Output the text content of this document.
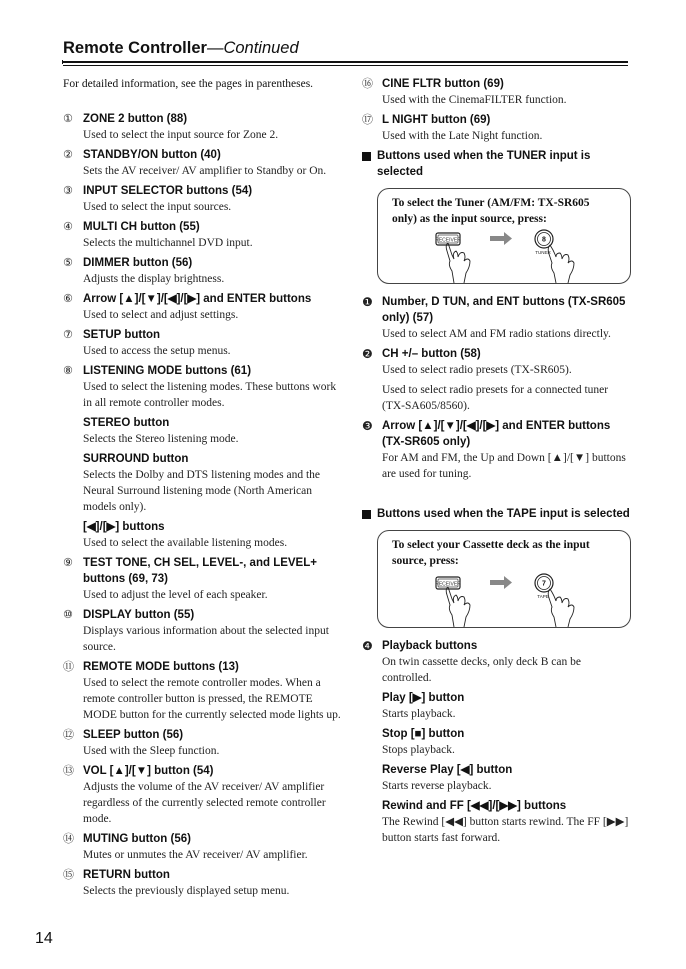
Remote Controller—Continued

For detailed information, see the pages in parentheses.

① ZONE 2 button (88)

Used to select the input source for Zone 2.

② STANDBY/ON button (40)

Sets the AV receiver/ AV amplifier to Standby or On.

③ INPUT SELECTOR buttons (54)

Used to select the input sources.

④ MULTI CH button (55)

Selects the multichannel DVD input.

⑤ DIMMER button (56)

Adjusts the display brightness.

⑥ Arrow [▲]/[▼]/[◀]/[▶] and ENTER buttons

Used to select and adjust settings.

⑦ SETUP button

Used to access the setup menus.

⑧ LISTENING MODE buttons (61)

Used to select the listening modes. These buttons work in all remote controller modes.

STEREO button

Selects the Stereo listening mode.

SURROUND button

Selects the Dolby and DTS listening modes and the Neural Surround listening mode (North American models only).

[◀]/[▶] buttons

Used to select the available listening modes.

⑨ TEST TONE, CH SEL, LEVEL-, and LEVEL+ buttons (69, 73)

Used to adjust the level of each speaker.

⑩ DISPLAY button (55)

Displays various information about the selected input source.

⑪ REMOTE MODE buttons (13)

Used to select the remote controller modes. When a remote controller button is pressed, the REMOTE MODE button for the currently selected mode lights up.

⑫ SLEEP button (56)

Used with the Sleep function.

⑬ VOL [▲]/[▼] button (54)

Adjusts the volume of the AV receiver/ AV amplifier regardless of the currently selected remote controller mode.

⑭ MUTING button (56)

Mutes or unmutes the AV receiver/ AV amplifier.

⑮ RETURN button

Selects the previously displayed setup menu.

⑯ CINE FLTR button (69)

Used with the CinemaFILTER function.

⑰ L NIGHT button (69)

Used with the Late Night function.

Buttons used when the TUNER input is selected

To select the Tuner (AM/FM: TX-SR605 only) as the input source, press:

RECEIVER	8
TUNER
❶ Number, D TUN, and ENT buttons (TX-SR605 only) (57)

Used to select AM and FM radio stations directly.

❷ CH +/– button (58)

Used to select radio presets (TX-SR605).

Used to select radio presets for a connected tuner (TX-SA605/8560).

❸ Arrow [▲]/[▼]/[◀]/[▶] and ENTER buttons (TX-SR605 only)

For AM and FM, the Up and Down [▲]/[▼] buttons are used for tuning.

Buttons used when the TAPE input is selected

To select your Cassette deck as the input source, press:

RECEIVER	7
TAPE
❹ Playback buttons

On twin cassette decks, only deck B can be controlled.

Play [▶] button

Starts playback.

Stop [■] button

Stops playback.

Reverse Play [◀] button

Starts reverse playback.

Rewind and FF [◀◀]/[▶▶] buttons

The Rewind [◀◀] button starts rewind. The FF [▶▶] button starts fast forward.

14
